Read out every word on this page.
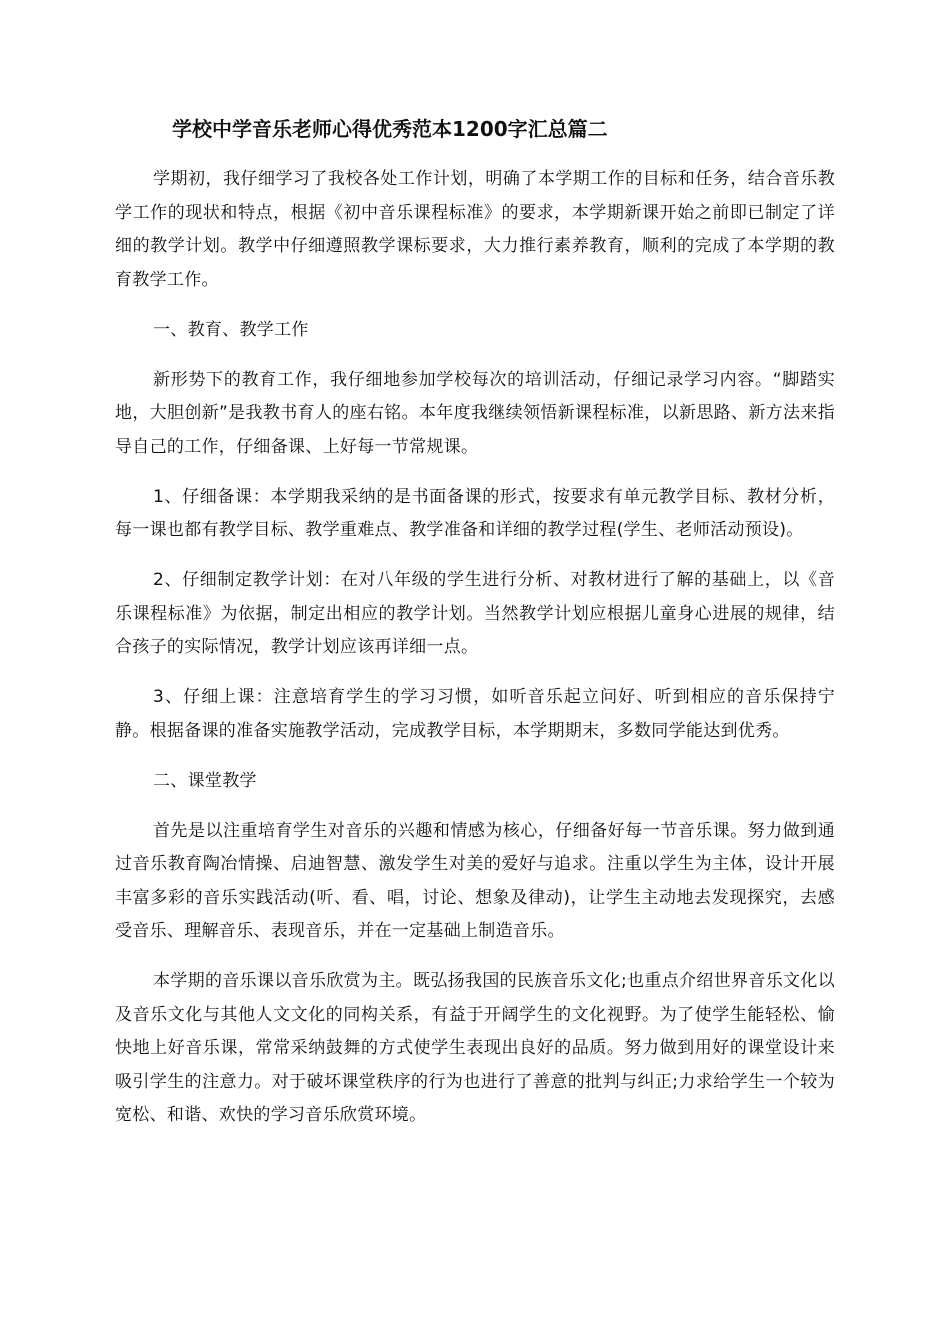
学校中学音乐老师心得优秀范本1200字汇总篇二

学期初，我仔细学习了我校各处工作计划，明确了本学期工作的目标和任务，结合音乐教学工作的现状和特点，根据《初中音乐课程标准》的要求，本学期新课开始之前即已制定了详细的教学计划。教学中仔细遵照教学课标要求，大力推行素养教育，顺利的完成了本学期的教育教学工作。

一、教育、教学工作

新形势下的教育工作，我仔细地参加学校每次的培训活动，仔细记录学习内容。“脚踏实地，大胆创新”是我教书育人的座右铭。本年度我继续领悟新课程标准，以新思路、新方法来指导自己的工作，仔细备课、上好每一节常规课。

1、仔细备课：本学期我采纳的是书面备课的形式，按要求有单元教学目标、教材分析，每一课也都有教学目标、教学重难点、教学准备和详细的教学过程(学生、老师活动预设)。

2、仔细制定教学计划：在对八年级的学生进行分析、对教材进行了解的基础上，以《音乐课程标准》为依据，制定出相应的教学计划。当然教学计划应根据儿童身心进展的规律，结合孩子的实际情况，教学计划应该再详细一点。

3、仔细上课：注意培育学生的学习习惯，如听音乐起立问好、听到相应的音乐保持宁静。根据备课的准备实施教学活动，完成教学目标，本学期期末，多数同学能达到优秀。

二、课堂教学

首先是以注重培育学生对音乐的兴趣和情感为核心，仔细备好每一节音乐课。努力做到通过音乐教育陶冶情操、启迪智慧、激发学生对美的爱好与追求。注重以学生为主体，设计开展丰富多彩的音乐实践活动(听、看、唱，讨论、想象及律动)，让学生主动地去发现探究，去感受音乐、理解音乐、表现音乐，并在一定基础上制造音乐。

本学期的音乐课以音乐欣赏为主。既弘扬我国的民族音乐文化;也重点介绍世界音乐文化以及音乐文化与其他人文文化的同构关系，有益于开阔学生的文化视野。为了使学生能轻松、愉快地上好音乐课，常常采纳鼓舞的方式使学生表现出良好的品质。努力做到用好的课堂设计来吸引学生的注意力。对于破坏课堂秩序的行为也进行了善意的批判与纠正;力求给学生一个较为宽松、和谐、欢快的学习音乐欣赏环境。
